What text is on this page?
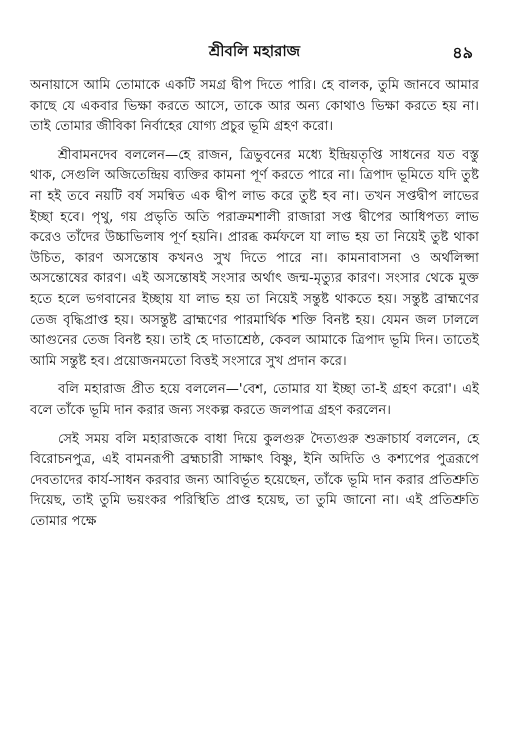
শ্রীবলি মহারাজ	৪৯

অনায়াসে আমি তোমাকে একটি সমগ্র দ্বীপ দিতে পারি। হে বালক, তুমি জানবে আমার কাছে যে একবার ভিক্ষা করতে আসে, তাকে আর অন্য কোথাও ভিক্ষা করতে হয় না। তাই তোমার জীবিকা নির্বাহের যোগ্য প্রচুর ভূমি গ্রহণ করো।

শ্রীবামনদেব বললেন—হে রাজন, ত্রিভুবনের মধ্যে ইন্দ্রিয়তৃপ্তি সাধনের যত বস্তু থাক, সেগুলি অজিতেন্দ্রিয় ব্যক্তির কামনা পূর্ণ করতে পারে না। ত্রিপাদ ভূমিতে যদি তুষ্ট না হই তবে নয়টি বর্ষ সমন্বিত এক দ্বীপ লাভ করে তুষ্ট হব না। তখন সপ্তদ্বীপ লাভের ইচ্ছা হবে। পৃথু, গয় প্রভৃতি অতি পরাক্রমশালী রাজারা সপ্ত দ্বীপের আধিপত্য লাভ করেও তাঁদের উচ্চাভিলাষ পূর্ণ হয়নি। প্রারব্ধ কর্মফলে যা লাভ হয় তা নিয়েই তুষ্ট থাকা উচিত, কারণ অসন্তোষ কখনও সুখ দিতে পারে না। কামনাবাসনা ও অর্থলিপ্সা অসন্তোষের কারণ। এই অসন্তোষই সংসার অর্থাৎ জন্ম-মৃত্যুর কারণ। সংসার থেকে মুক্ত হতে হলে ভগবানের ইচ্ছায় যা লাভ হয় তা নিয়েই সন্তুষ্ট থাকতে হয়। সন্তুষ্ট ব্রাহ্মণের তেজ বৃদ্ধিপ্রাপ্ত হয়। অসন্তুষ্ট ব্রাহ্মণের পারমার্থিক শক্তি বিনষ্ট হয়। যেমন জল ঢাললে আগুনের তেজ বিনষ্ট হয়। তাই হে দাতাশ্রেষ্ঠ, কেবল আমাকে ত্রিপাদ ভূমি দিন। তাতেই আমি সন্তুষ্ট হব। প্রয়োজনমতো বিত্তই সংসারে সুখ প্রদান করে।

বলি মহারাজ প্রীত হয়ে বললেন—'বেশ, তোমার যা ইচ্ছা তা-ই গ্রহণ করো'। এই বলে তাঁকে ভূমি দান করার জন্য সংকল্প করতে জলপাত্র গ্রহণ করলেন।

সেই সময় বলি মহারাজকে বাধা দিয়ে কুলগুরু দৈত্যগুরু শুক্রাচার্য বললেন, হে বিরোচনপুত্র, এই বামনরূপী ব্রহ্মচারী সাক্ষাৎ বিষ্ণু, ইনি অদিতি ও কশ্যপের পুত্ররূপে দেবতাদের কার্য-সাধন করবার জন্য আবির্ভূত হয়েছেন, তাঁকে ভূমি দান করার প্রতিশ্রুতি দিয়েছ, তাই তুমি ভয়ংকর পরিস্থিতি প্রাপ্ত হয়েছ, তা তুমি জানো না। এই প্রতিশ্রুতি তোমার পক্ষে
